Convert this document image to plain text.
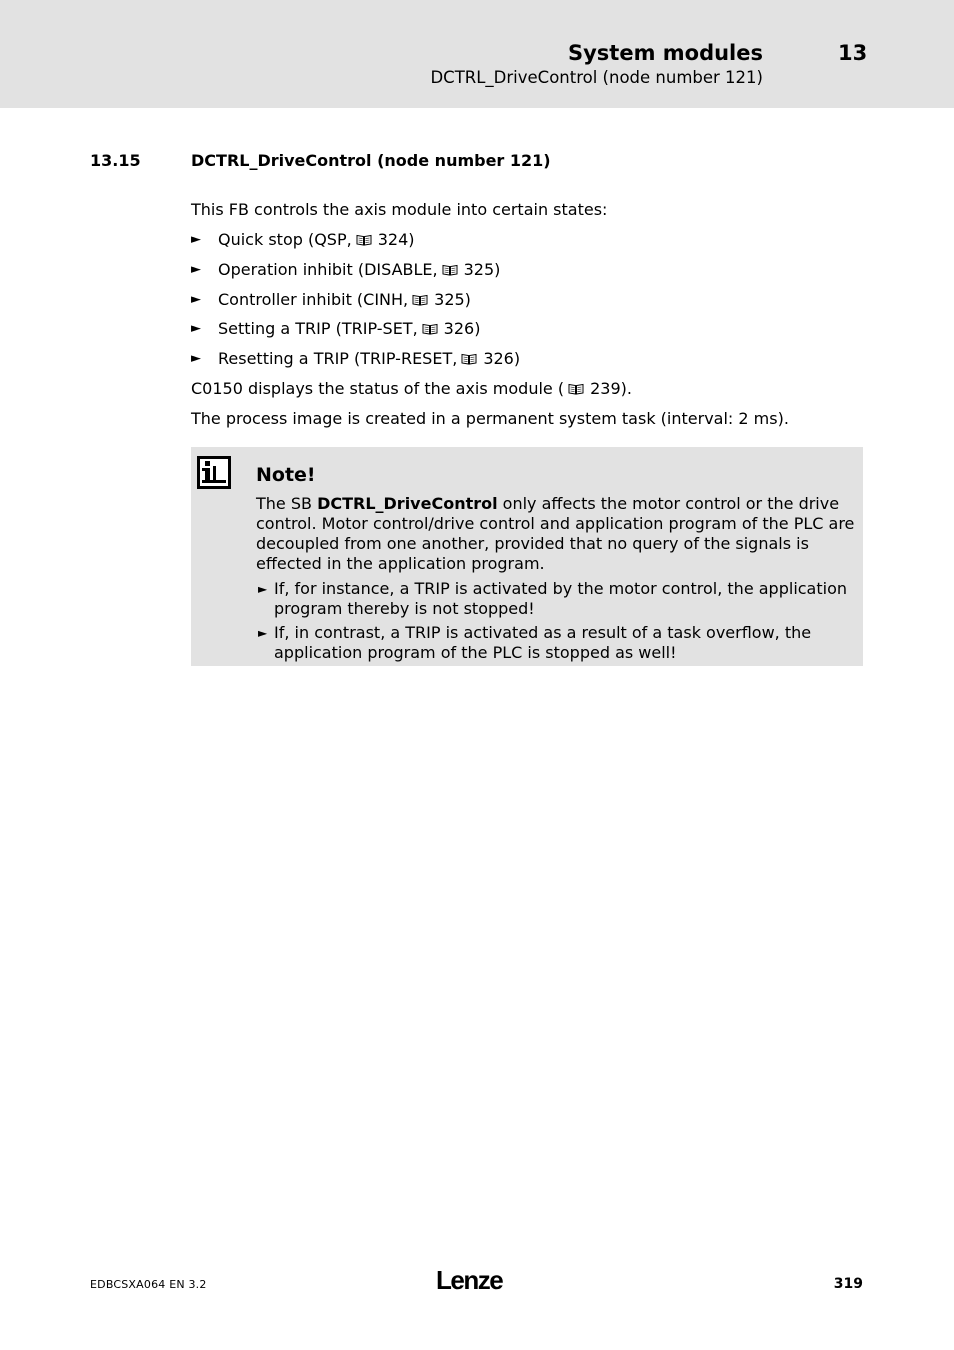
System modules	13
DCTRL_DriveControl (node number 121)
13.15	DCTRL_DriveControl (node number 121)

This FB controls the axis module into certain states:

► Quick stop (QSP, 324)
► Operation inhibit (DISABLE, 325)
► Controller inhibit (CINH, 325)
► Setting a TRIP (TRIP-SET, 326)
► Resetting a TRIP (TRIP-RESET, 326)

C0150 displays the status of the axis module ( 239).

The process image is created in a permanent system task (interval: 2 ms).

Note!

The SB DCTRL_DriveControl only affects the motor control or the drive control. Motor control/drive control and application program of the PLC are decoupled from one another, provided that no query of the signals is effected in the application program.

► If, for instance, a TRIP is activated by the motor control, the application program thereby is not stopped!
► If, in contrast, a TRIP is activated as a result of a task overflow, the application program of the PLC is stopped as well!
EDBCSXA064 EN 3.2	Lenze	319
